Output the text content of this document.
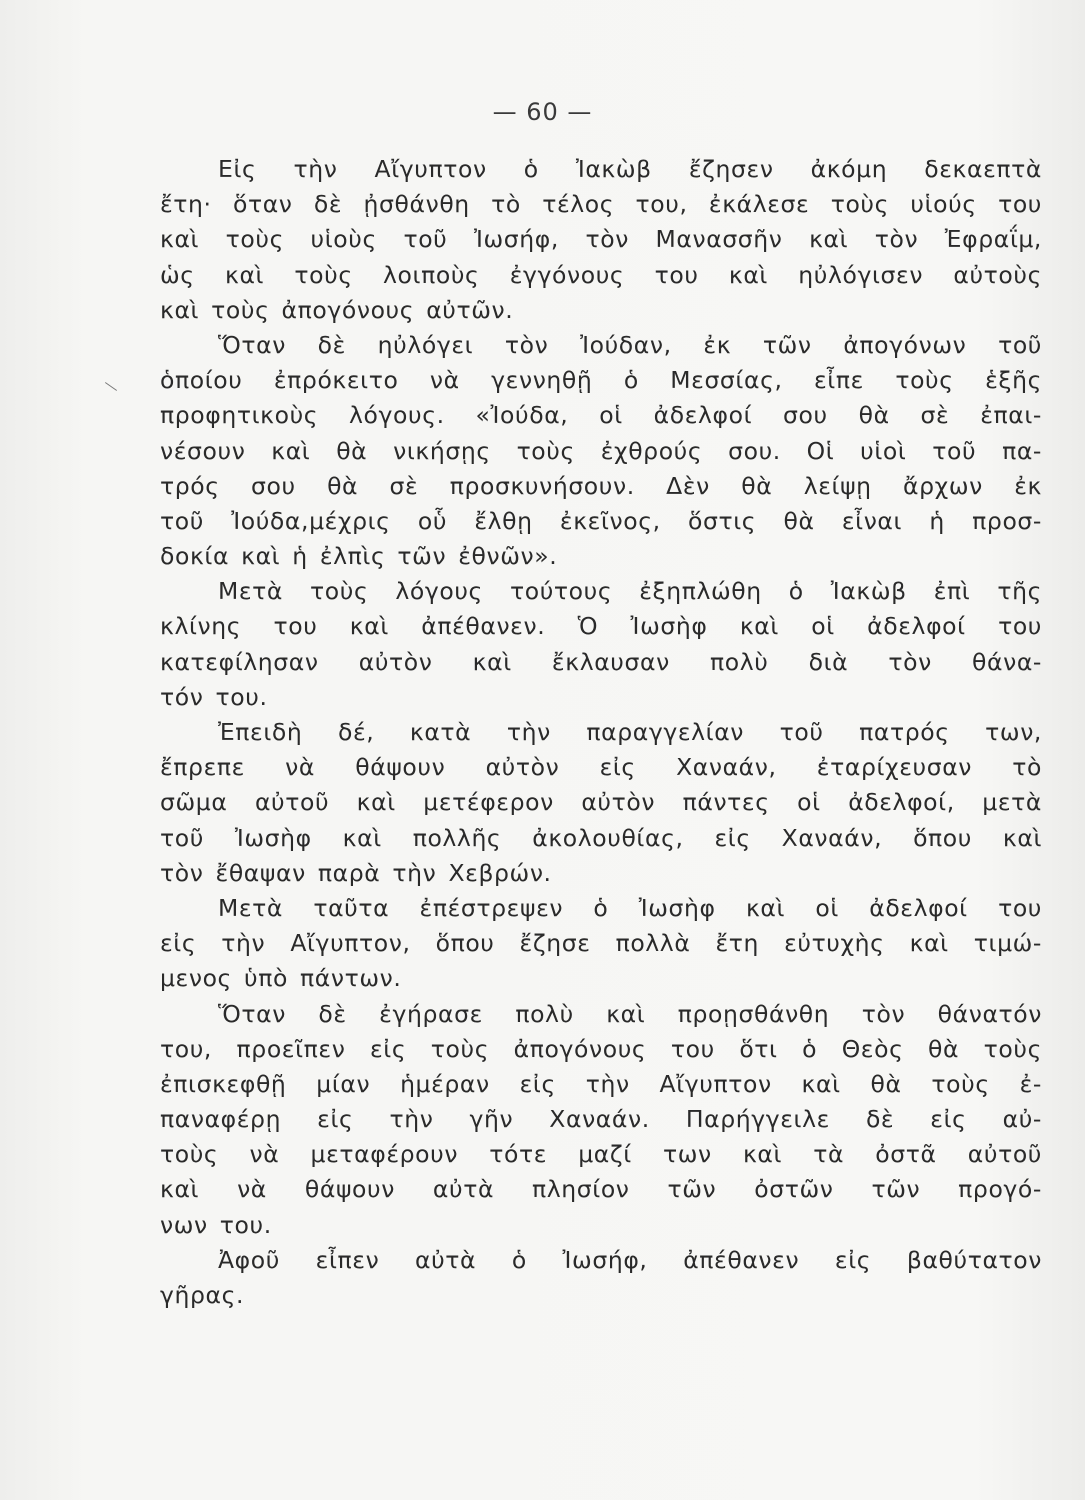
— 60 —
Εἰς τὴν Αἴγυπτον ὁ Ἰακὼβ ἔζησεν ἀκόμη δεκαεπτὰ
ἔτη· ὅταν δὲ ᾐσθάνθη τὸ τέλος του, ἐκάλεσε τοὺς υἱούς του
καὶ τοὺς υἱοὺς τοῦ Ἰωσήφ, τὸν Μανασσῆν καὶ τὸν Ἐφραΐμ,
ὡς καὶ τοὺς λοιποὺς ἐγγόνους του καὶ ηὐλόγισεν αὐτοὺς
καὶ τοὺς ἀπογόνους αὐτῶν.
Ὅταν δὲ ηὐλόγει τὸν Ἰούδαν, ἐκ τῶν ἀπογόνων τοῦ
ὁποίου ἐπρόκειτο νὰ γεννηθῇ ὁ Μεσσίας, εἶπε τοὺς ἑξῆς
προφητικοὺς λόγους. «Ἰούδα, οἱ ἀδελφοί σου θὰ σὲ ἐπαι-
νέσουν καὶ θὰ νικήσῃς τοὺς ἐχθρούς σου. Οἱ υἱοὶ τοῦ πα-
τρός σου θὰ σὲ προσκυνήσουν. Δὲν θὰ λείψῃ ἄρχων ἐκ
τοῦ Ἰούδα,μέχρις οὗ ἔλθῃ ἐκεῖνος, ὅστις θὰ εἶναι ἡ προσ-
δοκία καὶ ἡ ἐλπὶς τῶν ἐθνῶν».
Μετὰ τοὺς λόγους τούτους ἐξηπλώθη ὁ Ἰακὼβ ἐπὶ τῆς
κλίνης του καὶ ἀπέθανεν. Ὁ Ἰωσὴφ καὶ οἱ ἀδελφοί του
κατεφίλησαν αὐτὸν καὶ ἔκλαυσαν πολὺ διὰ τὸν θάνα-
τόν του.
Ἐπειδὴ δέ, κατὰ τὴν παραγγελίαν τοῦ πατρός των,
ἔπρεπε νὰ θάψουν αὐτὸν εἰς Χαναάν, ἐταρίχευσαν τὸ
σῶμα αὐτοῦ καὶ μετέφερον αὐτὸν πάντες οἱ ἀδελφοί, μετὰ
τοῦ Ἰωσὴφ καὶ πολλῆς ἀκολουθίας, εἰς Χαναάν, ὅπου καὶ
τὸν ἔθαψαν παρὰ τὴν Χεβρών.
Μετὰ ταῦτα ἐπέστρεψεν ὁ Ἰωσὴφ καὶ οἱ ἀδελφοί του
εἰς τὴν Αἴγυπτον, ὅπου ἔζησε πολλὰ ἔτη εὐτυχὴς καὶ τιμώ-
μενος ὑπὸ πάντων.
Ὅταν δὲ ἐγήρασε πολὺ καὶ προῃσθάνθη τὸν θάνατόν
του, προεῖπεν εἰς τοὺς ἀπογόνους του ὅτι ὁ Θεὸς θὰ τοὺς
ἐπισκεφθῇ μίαν ἡμέραν εἰς τὴν Αἴγυπτον καὶ θὰ τοὺς ἐ-
παναφέρῃ εἰς τὴν γῆν Χαναάν. Παρήγγειλε δὲ εἰς αὐ-
τοὺς νὰ μεταφέρουν τότε μαζί των καὶ τὰ ὀστᾶ αὐτοῦ
καὶ νὰ θάψουν αὐτὰ πλησίον τῶν ὀστῶν τῶν προγό-
νων του.
Ἀφοῦ εἶπεν αὐτὰ ὁ Ἰωσήφ, ἀπέθανεν εἰς βαθύτατον
γῆρας.
